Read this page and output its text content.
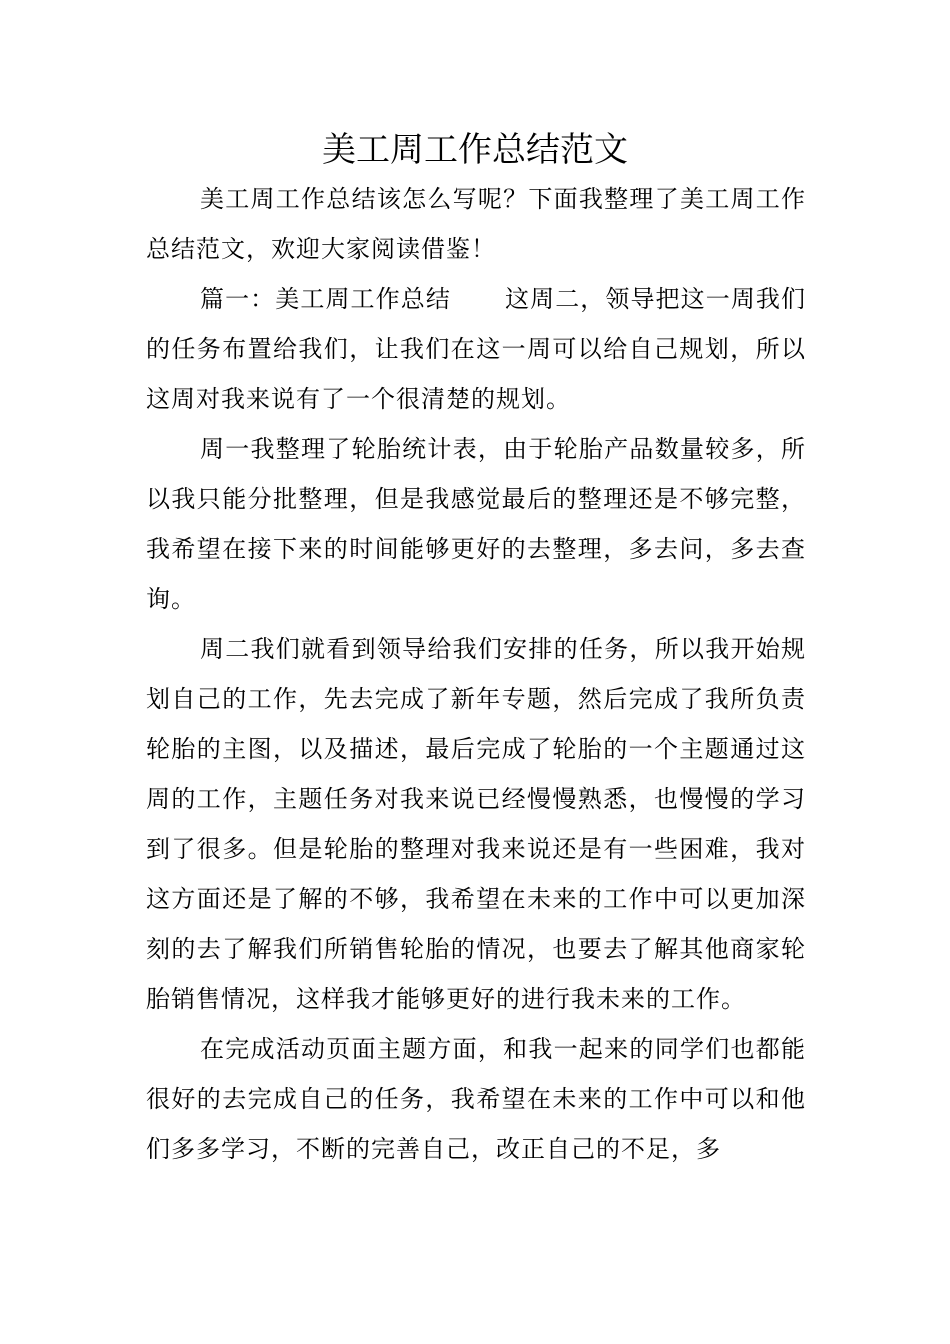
美工周工作总结范文

美工周工作总结该怎么写呢？下面我整理了美工周工作总结范文，欢迎大家阅读借鉴！

篇一：美工周工作总结 这周二，领导把这一周我们的任务布置给我们，让我们在这一周可以给自己规划，所以这周对我来说有了一个很清楚的规划。

周一我整理了轮胎统计表，由于轮胎产品数量较多，所以我只能分批整理，但是我感觉最后的整理还是不够完整，我希望在接下来的时间能够更好的去整理，多去问，多去查询。

周二我们就看到领导给我们安排的任务，所以我开始规划自己的工作，先去完成了新年专题，然后完成了我所负责轮胎的主图，以及描述，最后完成了轮胎的一个主题通过这周的工作，主题任务对我来说已经慢慢熟悉，也慢慢的学习到了很多。但是轮胎的整理对我来说还是有一些困难，我对这方面还是了解的不够，我希望在未来的工作中可以更加深刻的去了解我们所销售轮胎的情况，也要去了解其他商家轮胎销售情况，这样我才能够更好的进行我未来的工作。

在完成活动页面主题方面，和我一起来的同学们也都能很好的去完成自己的任务，我希望在未来的工作中可以和他们多多学习，不断的完善自己，改正自己的不足，多
